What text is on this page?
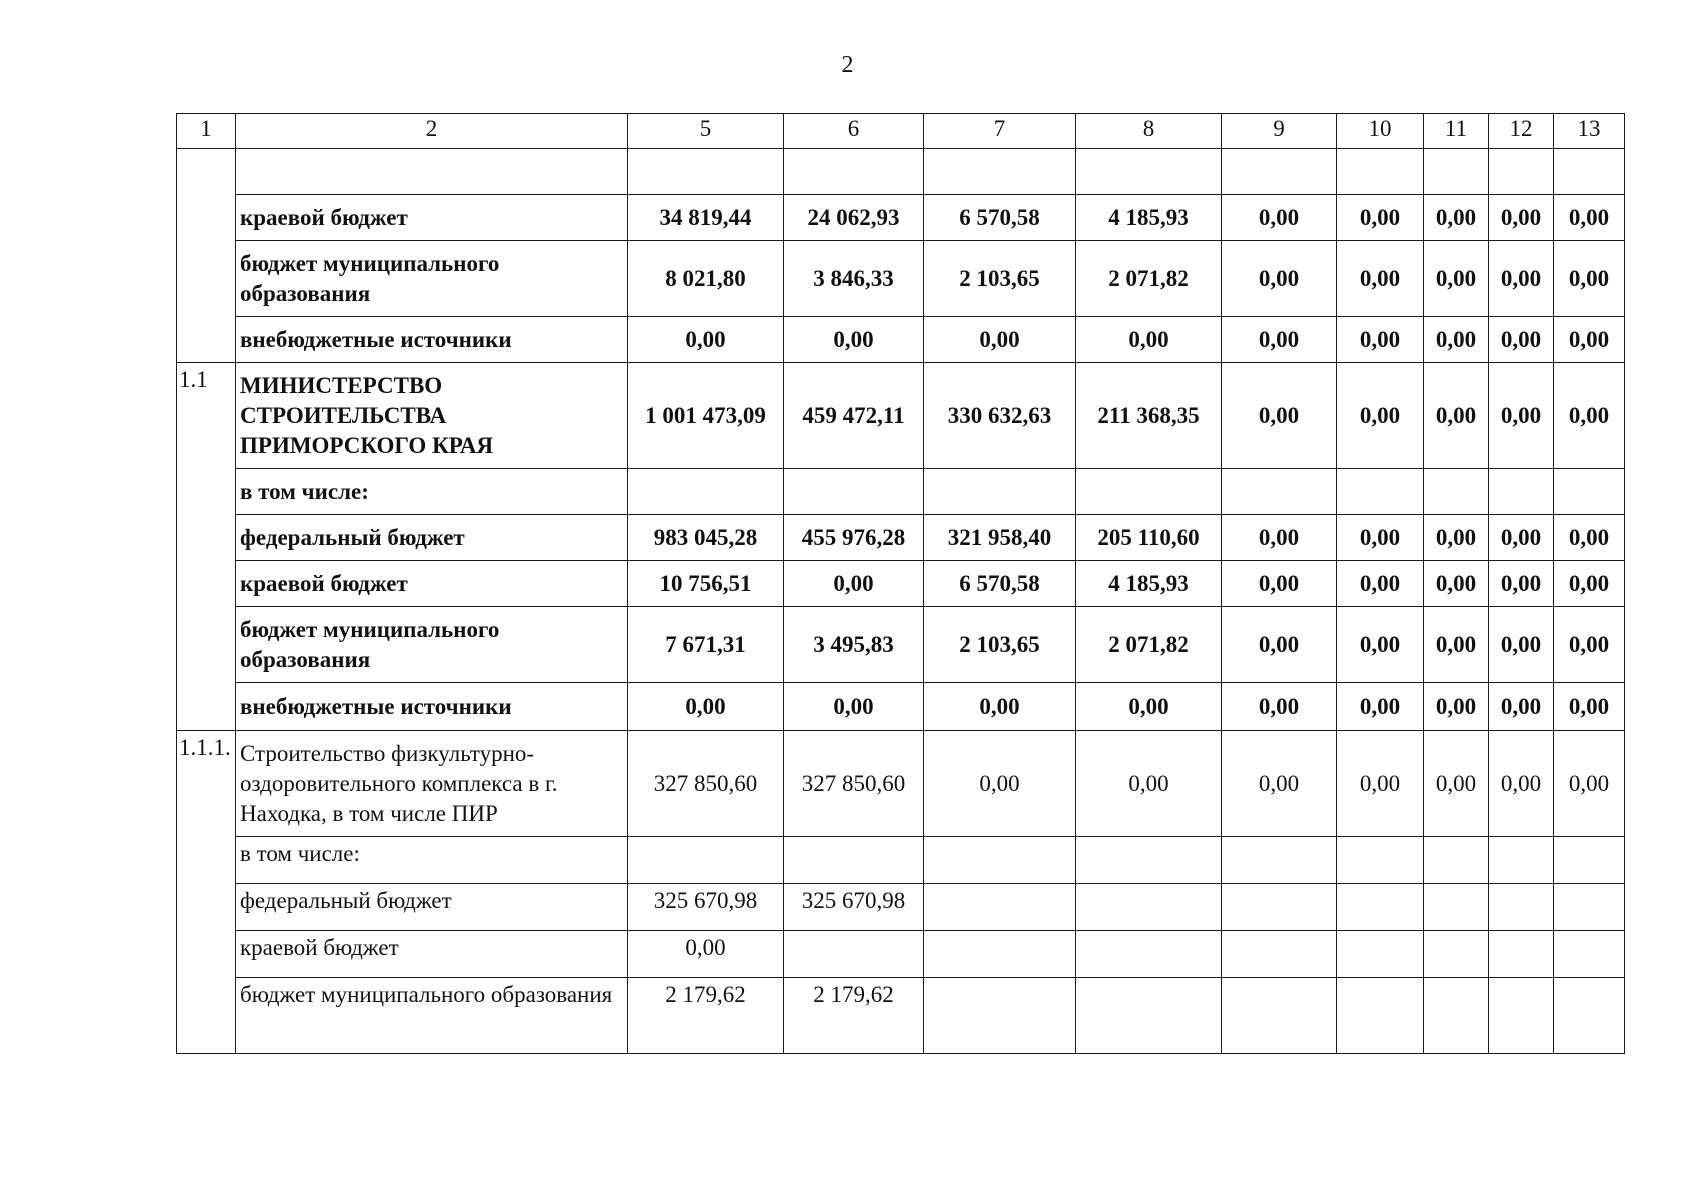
2
1	2	5	6	7	8	9	10	11	12	13

	краевой бюджет	34 819,44	24 062,93	6 570,58	4 185,93	0,00	0,00	0,00	0,00	0,00
	бюджет муниципального образования	8 021,80	3 846,33	2 103,65	2 071,82	0,00	0,00	0,00	0,00	0,00
	внебюджетные источники	0,00	0,00	0,00	0,00	0,00	0,00	0,00	0,00	0,00
1.1	МИНИСТЕРСТВО СТРОИТЕЛЬСТВА ПРИМОРСКОГО КРАЯ	1 001 473,09	459 472,11	330 632,63	211 368,35	0,00	0,00	0,00	0,00	0,00
	в том числе:									
	федеральный бюджет	983 045,28	455 976,28	321 958,40	205 110,60	0,00	0,00	0,00	0,00	0,00
	краевой бюджет	10 756,51	0,00	6 570,58	4 185,93	0,00	0,00	0,00	0,00	0,00
	бюджет муниципального образования	7 671,31	3 495,83	2 103,65	2 071,82	0,00	0,00	0,00	0,00	0,00
	внебюджетные источники	0,00	0,00	0,00	0,00	0,00	0,00	0,00	0,00	0,00
1.1.1.	Строительство физкультурно-оздоровительного комплекса в г. Находка, в том числе ПИР	327 850,60	327 850,60	0,00	0,00	0,00	0,00	0,00	0,00	0,00
	в том числе:									
	федеральный бюджет	325 670,98	325 670,98							
	краевой бюджет	0,00								
	бюджет муниципального образования	2 179,62	2 179,62							
